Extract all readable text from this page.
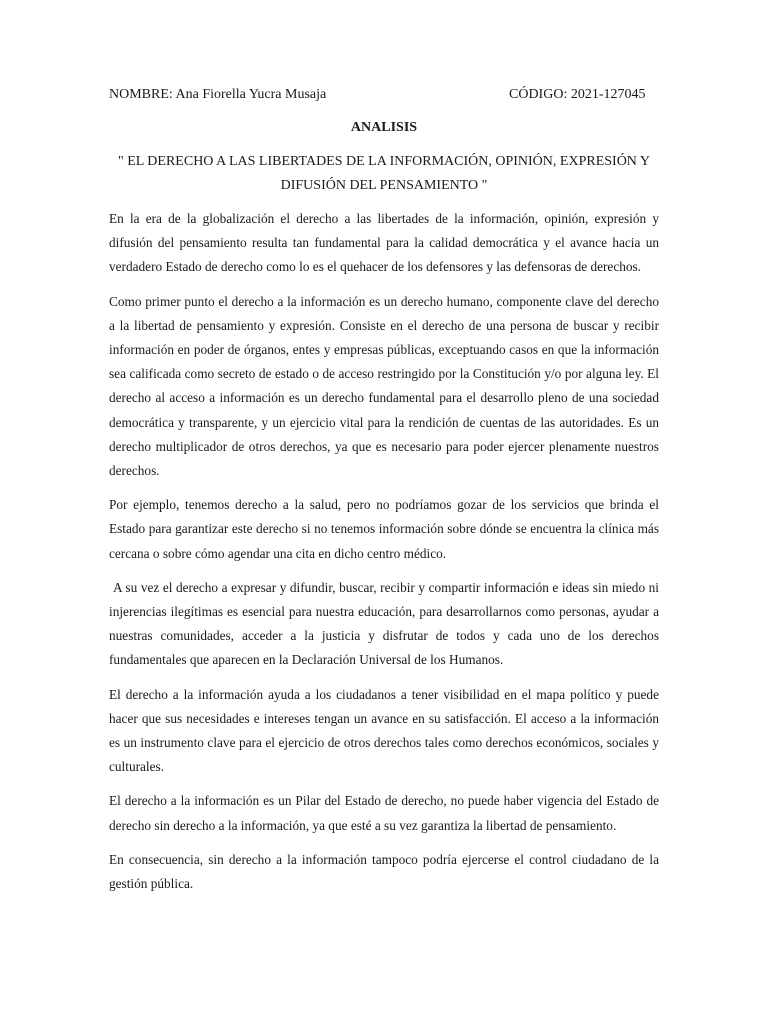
NOMBRE: Ana Fiorella Yucra Musaja	CÓDIGO: 2021-127045
ANALISIS
" EL DERECHO A LAS LIBERTADES DE LA INFORMACIÓN, OPINIÓN, EXPRESIÓN Y DIFUSIÓN DEL PENSAMIENTO "

En la era de la globalización el derecho a las libertades de la información, opinión, expresión y difusión del pensamiento resulta tan fundamental para la calidad democrática y el avance hacia un verdadero Estado de derecho como lo es el quehacer de los defensores y las defensoras de derechos.

Como primer punto el derecho a la información es un derecho humano, componente clave del derecho a la libertad de pensamiento y expresión. Consiste en el derecho de una persona de buscar y recibir información en poder de órganos, entes y empresas públicas, exceptuando casos en que la información sea calificada como secreto de estado o de acceso restringido por la Constitución y/o por alguna ley. El derecho al acceso a información es un derecho fundamental para el desarrollo pleno de una sociedad democrática y transparente, y un ejercicio vital para la rendición de cuentas de las autoridades. Es un derecho multiplicador de otros derechos, ya que es necesario para poder ejercer plenamente nuestros derechos.

Por ejemplo, tenemos derecho a la salud, pero no podríamos gozar de los servicios que brinda el Estado para garantizar este derecho si no tenemos información sobre dónde se encuentra la clínica más cercana o sobre cómo agendar una cita en dicho centro médico.

A su vez el derecho a expresar y difundir, buscar, recibir y compartir información e ideas sin miedo ni injerencias ilegítimas es esencial para nuestra educación, para desarrollarnos como personas, ayudar a nuestras comunidades, acceder a la justicia y disfrutar de todos y cada uno de los derechos fundamentales que aparecen en la Declaración Universal de los Humanos.

El derecho a la información ayuda a los ciudadanos a tener visibilidad en el mapa político y puede hacer que sus necesidades e intereses tengan un avance en su satisfacción. El acceso a la información es un instrumento clave para el ejercicio de otros derechos tales como derechos económicos, sociales y culturales.

El derecho a la información es un Pilar del Estado de derecho, no puede haber vigencia del Estado de derecho sin derecho a la información, ya que esté a su vez garantiza la libertad de pensamiento.

En consecuencia, sin derecho a la información tampoco podría ejercerse el control ciudadano de la gestión pública.
